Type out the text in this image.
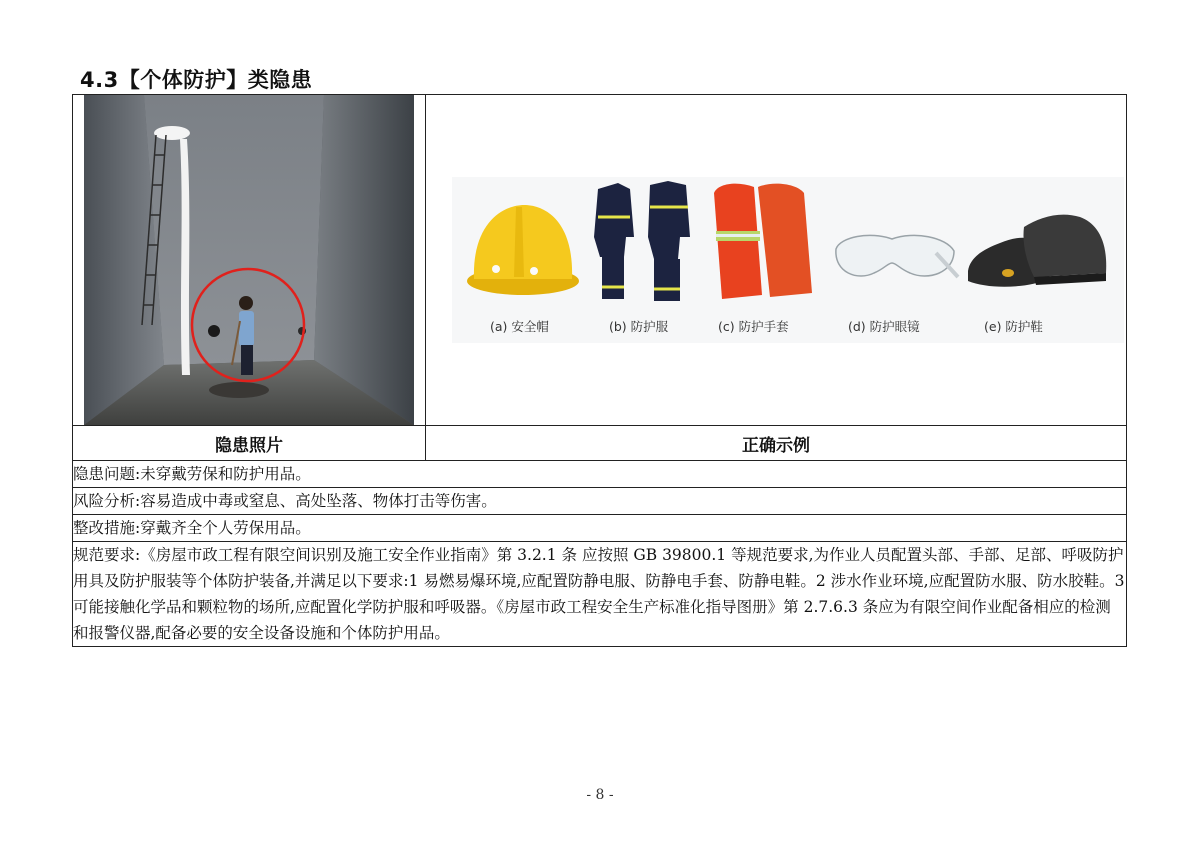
4.3【个体防护】类隐患

(a) 安全帽 (b) 防护服 (c) 防护手套 (d) 防护眼镜 (e) 防护鞋

隐患照片	正确示例
隐患问题:未穿戴劳保和防护用品。	
风险分析:容易造成中毒或窒息、高处坠落、物体打击等伤害。	
整改措施:穿戴齐全个人劳保用品。	
规范要求:《房屋市政工程有限空间识别及施工安全作业指南》第 3.2.1 条 应按照 GB 39800.1 等规范要求,为作业人员配置头部、手部、足部、呼吸防护用具及防护服装等个体防护装备,并满足以下要求:1 易燃易爆环境,应配置防静电服、防静电手套、防静电鞋。2 涉水作业环境,应配置防水服、防水胶鞋。3 可能接触化学品和颗粒物的场所,应配置化学防护服和呼吸器。《房屋市政工程安全生产标准化指导图册》第 2.7.6.3 条应为有限空间作业配备相应的检测和报警仪器,配备必要的安全设备设施和个体防护用品。	
- 8 -
